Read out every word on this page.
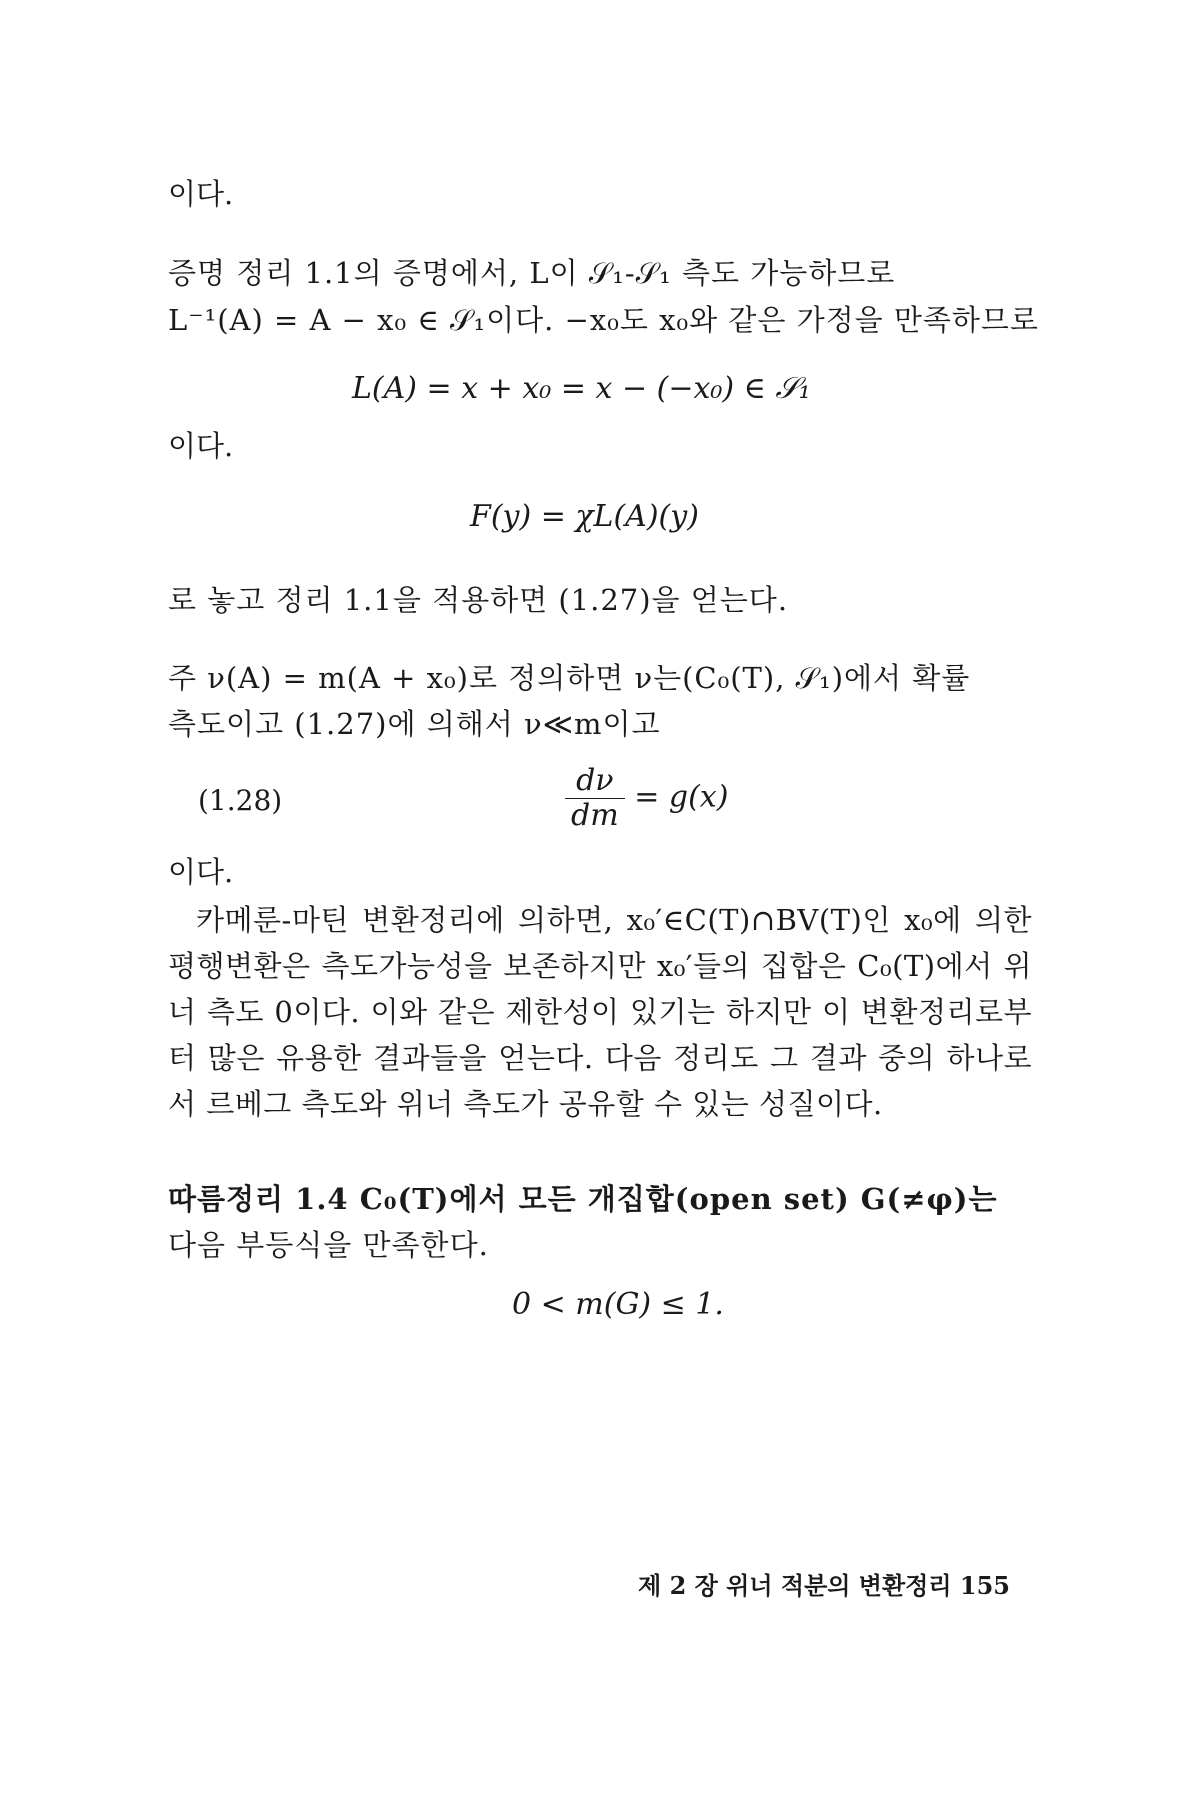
이다.
증명 정리 1.1의 증명에서, L이 𝒮₁-𝒮₁ 측도 가능하므로
L⁻¹(A) = A − x₀ ∈ 𝒮₁이다. −x₀도 x₀와 같은 가정을 만족하므로
L(A) = x + x₀ = x − (−x₀) ∈ 𝒮₁
이다.
F(y) = χL(A)(y)
로 놓고 정리 1.1을 적용하면 (1.27)을 얻는다.
주 ν(A) = m(A + x₀)로 정의하면 ν는(C₀(T), 𝒮₁)에서 확률
측도이고 (1.27)에 의해서 ν≪m이고
(1.28)	$\frac{d\nu}{dm} = g(x)$
이다.
카메룬-마틴 변환정리에 의하면, x₀′∈C(T)∩BV(T)인 x₀에 의한 평행변환은 측도가능성을 보존하지만 x₀′들의 집합은 C₀(T)에서 위너 측도 0이다. 이와 같은 제한성이 있기는 하지만 이 변환정리로부터 많은 유용한 결과들을 얻는다. 다음 정리도 그 결과 중의 하나로서 르베그 측도와 위너 측도가 공유할 수 있는 성질이다.
따름정리 1.4 C₀(T)에서 모든 개집합(open set) G(≠φ)는
다음 부등식을 만족한다.
0 < m(G) ≤ 1.
제 2 장 위너 적분의 변환정리 155
